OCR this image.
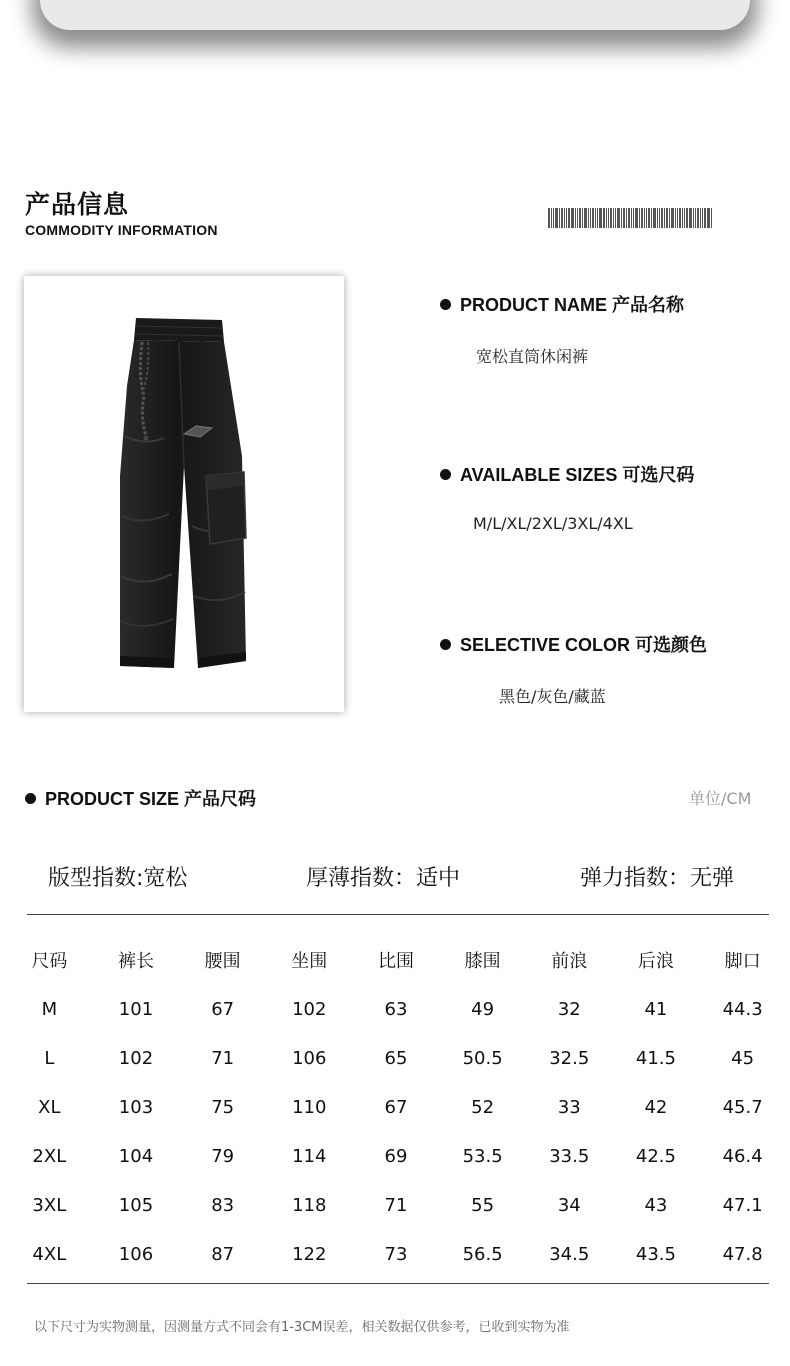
产品信息
COMMODITY INFORMATION
PRODUCT NAME 产品名称
宽松直筒休闲裤
AVAILABLE SIZES 可选尺码
M/L/XL/2XL/3XL/4XL
SELECTIVE COLOR 可选颜色
黑色/灰色/藏蓝
PRODUCT SIZE 产品尺码	单位/CM
版型指数:宽松	厚薄指数：适中	弹力指数：无弹
尺码	裤长	腰围	坐围	比围	膝围	前浪	后浪	脚口
M	101	67	102	63	49	32	41	44.3
L	102	71	106	65	50.5	32.5	41.5	45
XL	103	75	110	67	52	33	42	45.7
2XL	104	79	114	69	53.5	33.5	42.5	46.4
3XL	105	83	118	71	55	34	43	47.1
4XL	106	87	122	73	56.5	34.5	43.5	47.8
以下尺寸为实物测量，因测量方式不同会有1-3CM误差，相关数据仅供参考，已收到实物为准
